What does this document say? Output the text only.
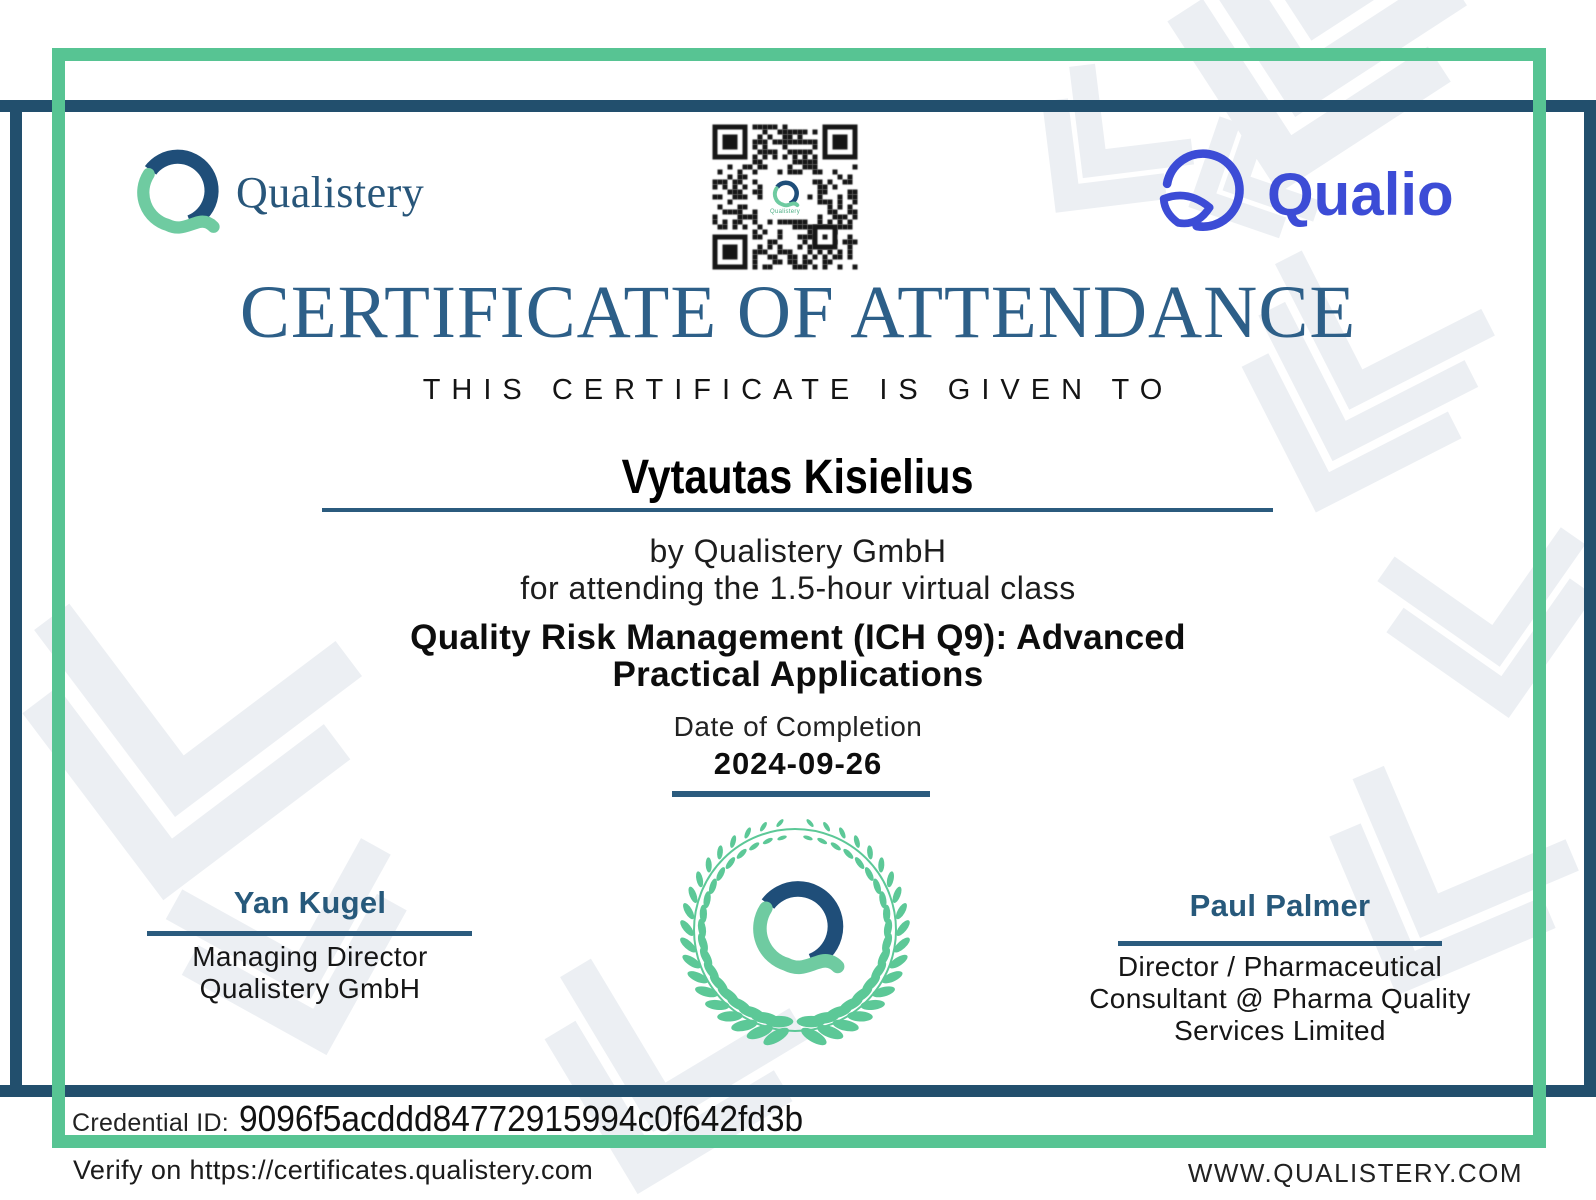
Qualistery	Qualistery	Qualio
CERTIFICATE OF ATTENDANCE
THIS CERTIFICATE IS GIVEN TO
Vytautas Kisielius
by Qualistery GmbH
for attending the 1.5-hour virtual class
Quality Risk Management (ICH Q9): Advanced
Practical Applications
Date of Completion
2024-09-26
Yan Kugel
Managing Director
Qualistery GmbH
Paul Palmer
Director / Pharmaceutical
Consultant @ Pharma Quality
Services Limited
Credential ID: 9096f5acddd84772915994c0f642fd3b
Verify on https://certificates.qualistery.com	WWW.QUALISTERY.COM
